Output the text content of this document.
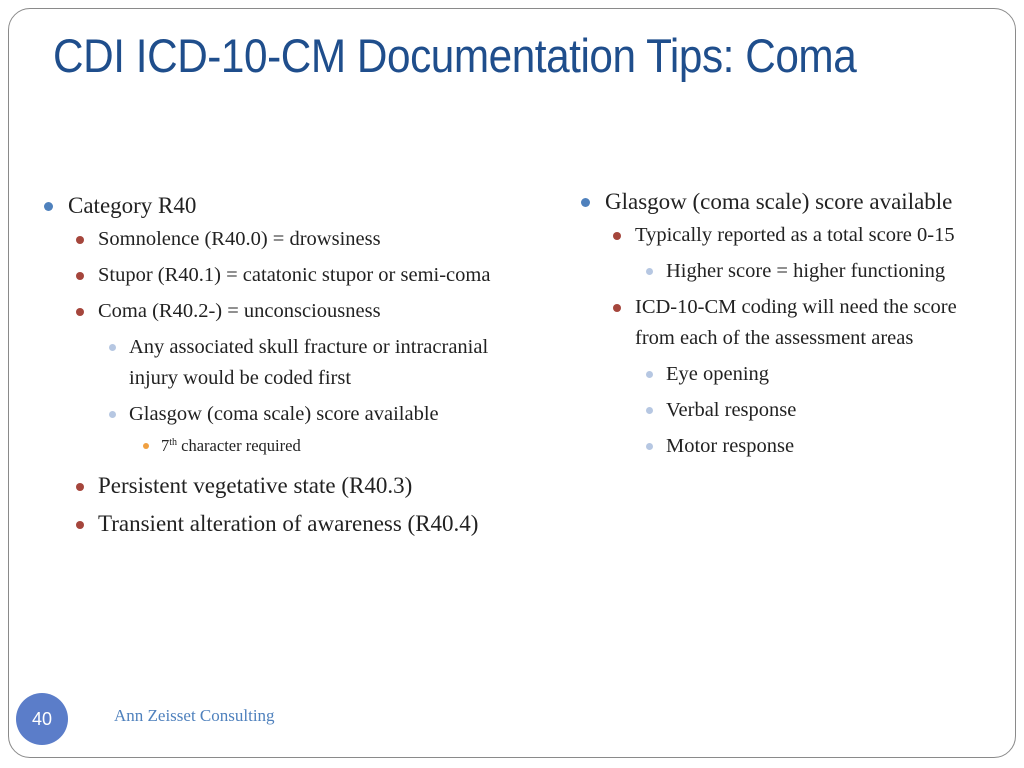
CDI ICD-10-CM Documentation Tips: Coma
Category R40
Somnolence (R40.0) = drowsiness
Stupor (R40.1) = catatonic stupor or semi-coma
Coma (R40.2-) = unconsciousness
Any associated skull fracture or intracranial injury would be coded first
Glasgow (coma scale) score available
7th character required
Persistent vegetative state (R40.3)
Transient alteration of awareness (R40.4)
Glasgow (coma scale) score available
Typically reported as a total score 0-15
Higher score = higher functioning
ICD-10-CM coding will need the score from each of the assessment areas
Eye opening
Verbal response
Motor response
40	Ann Zeisset Consulting
